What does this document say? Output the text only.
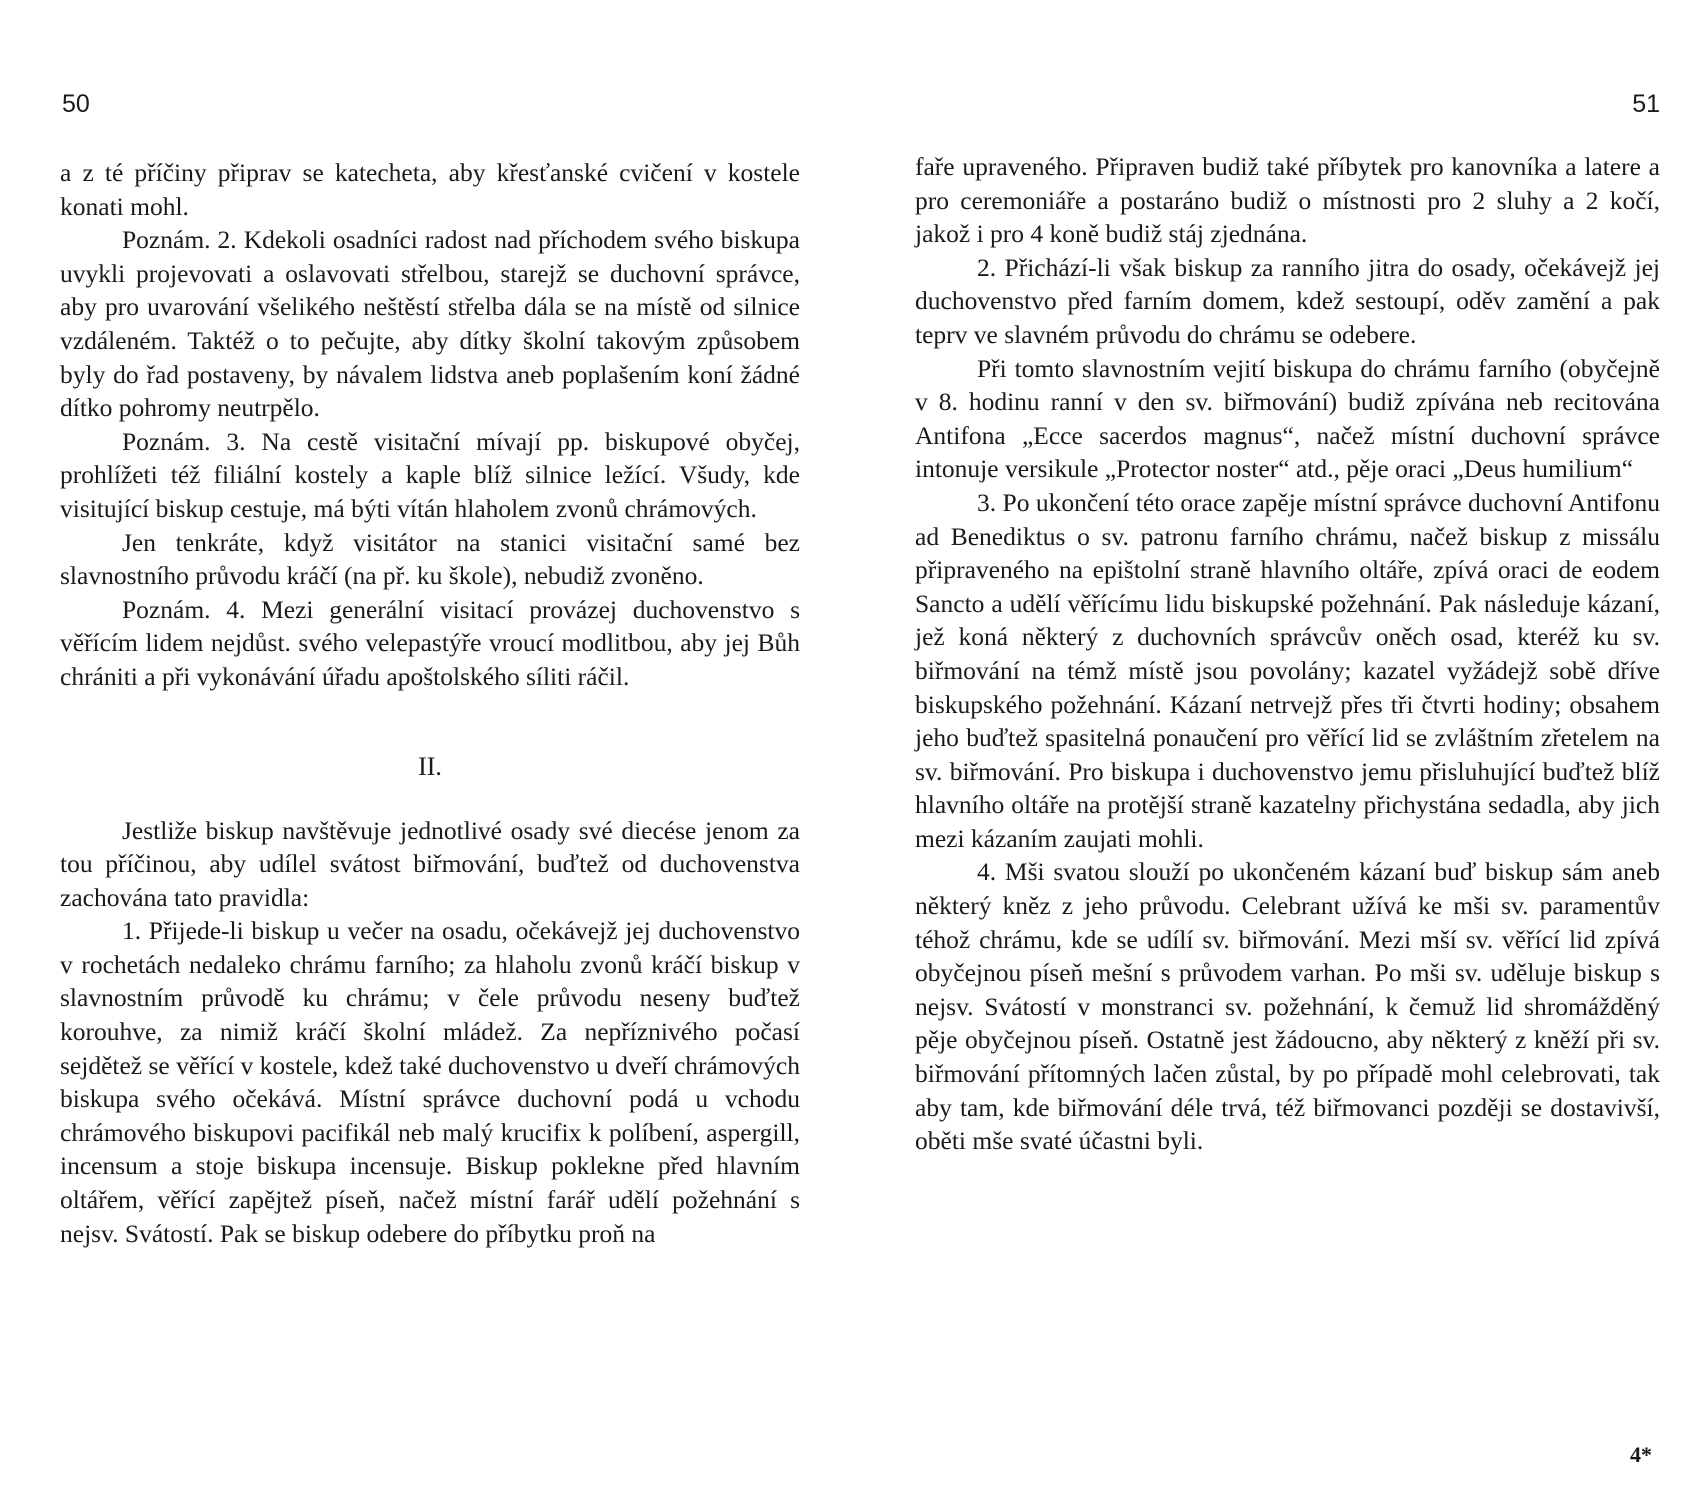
50

a z té příčiny připrav se katecheta, aby křesťanské cvičení v kostele konati mohl.

Poznám. 2. Kdekoli osadníci radost nad příchodem svého biskupa uvykli projevovati a oslavovati střelbou, starejž se duchovní správce, aby pro uvarování všelikého neštěstí střelba dála se na místě od silnice vzdáleném. Taktéž o to pečujte, aby dítky školní takovým způsobem byly do řad postaveny, by návalem lidstva aneb poplašením koní žádné dítko pohromy neutrpělo.

Poznám. 3. Na cestě visitační mívají pp. biskupové obyčej, prohlížeti též filiální kostely a kaple blíž silnice ležící. Všudy, kde visitující biskup cestuje, má býti vítán hlaholem zvonů chrámových.

Jen tenkráte, když visitátor na stanici visitační samé bez slavnostního průvodu kráčí (na př. ku škole), nebudiž zvoněno.

Poznám. 4. Mezi generální visitací provázej duchovenstvo s věřícím lidem nejdůst. svého velepastýře vroucí modlitbou, aby jej Bůh chrániti a při vykonávání úřadu apoštolského síliti ráčil.

II.

Jestliže biskup navštěvuje jednotlivé osady své diecése jenom za tou příčinou, aby udílel svátost biřmování, buďtež od duchovenstva zachována tato pravidla:

1. Přijede-li biskup u večer na osadu, očekávejž jej duchovenstvo v rochetách nedaleko chrámu farního; za hlaholu zvonů kráčí biskup v slavnostním průvodě ku chrámu; v čele průvodu neseny buďtež korouhve, za nimiž kráčí školní mládež. Za nepříznivého počasí sejdětež se věřící v kostele, kdež také duchovenstvo u dveří chrámových biskupa svého očekává. Místní správce duchovní podá u vchodu chrámového biskupovi pacifikál neb malý krucifix k políbení, aspergill, incensum a stoje biskupa incensuje. Biskup poklekne před hlavním oltářem, věřící zapějtež píseň, načež místní farář udělí požehnání s nejsv. Svátostí. Pak se biskup odebere do příbytku proň na

51

faře upraveného. Připraven budiž také příbytek pro kanovníka a latere a pro ceremoniáře a postaráno budiž o místnosti pro 2 sluhy a 2 kočí, jakož i pro 4 koně budiž stáj zjednána.

2. Přichází-li však biskup za ranního jitra do osady, očekávejž jej duchovenstvo před farním domem, kdež sestoupí, oděv zamění a pak teprv ve slavném průvodu do chrámu se odebere.

Při tomto slavnostním vejití biskupa do chrámu farního (obyčejně v 8. hodinu ranní v den sv. biřmování) budiž zpívána neb recitována Antifona „Ecce sacerdos magnus“, načež místní duchovní správce intonuje versikule „Protector noster“ atd., pěje oraci „Deus humilium“

3. Po ukončení této orace zapěje místní správce duchovní Antifonu ad Benediktus o sv. patronu farního chrámu, načež biskup z missálu připraveného na epištolní straně hlavního oltáře, zpívá oraci de eodem Sancto a udělí věřícímu lidu biskupské požehnání. Pak následuje kázaní, jež koná některý z duchovních správcův oněch osad, kteréž ku sv. biřmování na témž místě jsou povolány; kazatel vyžádejž sobě dříve biskupského požehnání. Kázaní netrvejž přes tři čtvrti hodiny; obsahem jeho buďtež spasitelná ponaučení pro věřící lid se zvláštním zřetelem na sv. biřmování. Pro biskupa i duchovenstvo jemu přisluhující buďtež blíž hlavního oltáře na protější straně kazatelny přichystána sedadla, aby jich mezi kázaním zaujati mohli.

4. Mši svatou slouží po ukončeném kázaní buď biskup sám aneb některý kněz z jeho průvodu. Celebrant užívá ke mši sv. paramentův téhož chrámu, kde se udílí sv. biřmování. Mezi mší sv. věřící lid zpívá obyčejnou píseň mešní s průvodem varhan. Po mši sv. uděluje biskup s nejsv. Svátostí v monstranci sv. požehnání, k čemuž lid shromážděný pěje obyčejnou píseň. Ostatně jest žádoucno, aby některý z kněží při sv. biřmování přítomných lačen zůstal, by po případě mohl celebrovati, tak aby tam, kde biřmování déle trvá, též biřmovanci později se dostavivší, oběti mše svaté účastni byli.

4*
